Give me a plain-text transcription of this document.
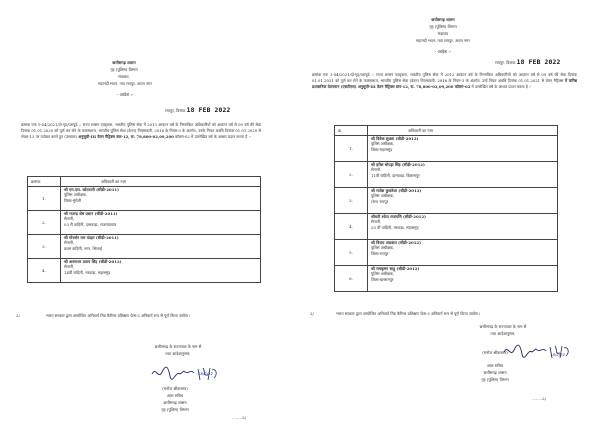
छत्तीसगढ़ शासन
गृह (पुलिस) विभाग
मंत्रालय,
महानदी भवन, नवा रायपुर, अटल नगर
- आदेश :-
रायपुर, दिनांक 18 FEB 2022
क्रमांक एफ 1-04/2021/दो-गृह/प्लायूर्ड :: राज्य शासन एतद्द्वारा, भारतीय पुलिस सेवा में 2013 आवंटन वर्ष के निम्नांकित अधिकारियों को आवंटन वर्ष से 09 वर्ष की सेवा दिनांक 01.01.2020 को पूर्ण कर लेने के फलस्वरूप, भारतीय पुलिस सेवा (वेतन) नियमावली, 2016 के नियम-3 के अंतर्गत, उनके नियत अवधि दिनांक 01.01.2020 से लेवल-13 पर पदोन्नत करते हुए (उच्चतर) अनुसूची-III वेतन मैट्रिक्स स्तर-12, रू. 78,800-02,09,200 कॉलम-02 में उल्लेखित वर्ष के आधार प्रदान करता है :-
क्रमांक	अधिकारी का नाम
1.	श्री एम.एल. कोटवानी (सीडी-2011)
पुलिस अधीक्षक,
जिला-मुंगेली

2.	श्री राजन्द्र शेष प्रधान (सीडी-2011)
सेनानी,
03 री वाहिनी, दामवाड़ा, राजनांदगांव

3.	श्री गोवर्धन राम वंदहर (सीडी-2011)
सेनानी,
प्रथम वाहिनी, नगर, भिलाई

4.	श्री अरुणधर प्रताप सिंह (सीडी-2012)
सेनानी,
14वीं वाहिनी, मरवाड़ा, महासमुंद
2/	भारत सरकार द्वारा आयोजित अनिवार्य मिड कैरियर प्रशिक्षण फेस-3 अनिवार्य रूप से पूर्ण किया जायेगा।
छत्तीसगढ़ के राज्यपाल के नाम से
तथा आदेशानुसार,
18/2/22
(मनोज श्रीवास्तव)
अवर सचिव
छत्तीसगढ़ शासन
गृह (पुलिस) विभाग
........2/
छत्तीसगढ़ शासन
गृह (पुलिस) विभाग
मंत्रालय
महानदी भवन, नवा रायपुर, अटल नगर
- आदेश :-
रायपुर, दिनांक 18 FEB 2022
क्रमांक एफ 1-04/2021/दो-गृह/प्लायूर्ड :: राज्य शासन एतद्द्वारा, भारतीय पुलिस सेवा में 2012 आवंटन वर्ष के निम्नांकित अधिकारियों को आवंटन वर्ष से 09 वर्ष की सेवा दिनांक 01.01.2021 को पूर्ण कर लेने के फलस्वरूप, भारतीय पुलिस सेवा (वेतन) नियमावली, 2016 के नियम-3 के अंतर्गत, उन्हें नियत अवधि दिनांक 01.01.2021 से वेतन मैट्रिक्स में कनिष्ठ प्रशासनिक वेतनमान (एसटीएस) अनुसूची-III वेतन मैट्रिक्स स्तर-12, रू. 78,800-02,09,200 कॉलम-02 में उल्लेखित वर्ष के आधार प्रदान करता है :-
क्र.	अधिकारी का नाम
1.	श्री विवेक शुक्ला (सीडी-2012)
पुलिस अधीक्षक,
जिला-महासमुंद

2.	श्री हरीश चोपड़ा सिंह (सीडी-2012)
सेनानी,
11वीं वाहिनी, दामवाड़ा, बिलासपुर

3.	श्री राजेश कुकरेजा (सीडी-2012)
पुलिस अधीक्षक,
(रेल) रायपुर

4.	श्रीमती श्वेता राजमणि (सीडी-2012)
सेनानी,
20 वीं वाहिनी, मरवाड़ा, महासमुंद

5.	श्री विजय अग्रवाल (सीडी-2012)
पुलिस अधीक्षक,
जिला-रायपुर

6.	श्री रामकृष्ण साहू (सीडी-2012)
पुलिस अधीक्षक,
जिला-बलरामपुर
2/	भारत सरकार द्वारा आयोजित अनिवार्य मिड कैरियर प्रशिक्षण फेस-3 अनिवार्य रूप से पूर्ण किया जायेगा।
छत्तीसगढ़ के राज्यपाल के नाम से
तथा आदेशानुसार,
(मनोज श्रीवास्तव)	18/2/22
अवर सचिव
छत्तीसगढ़ शासन
गृह (पुलिस) विभाग
........2/
